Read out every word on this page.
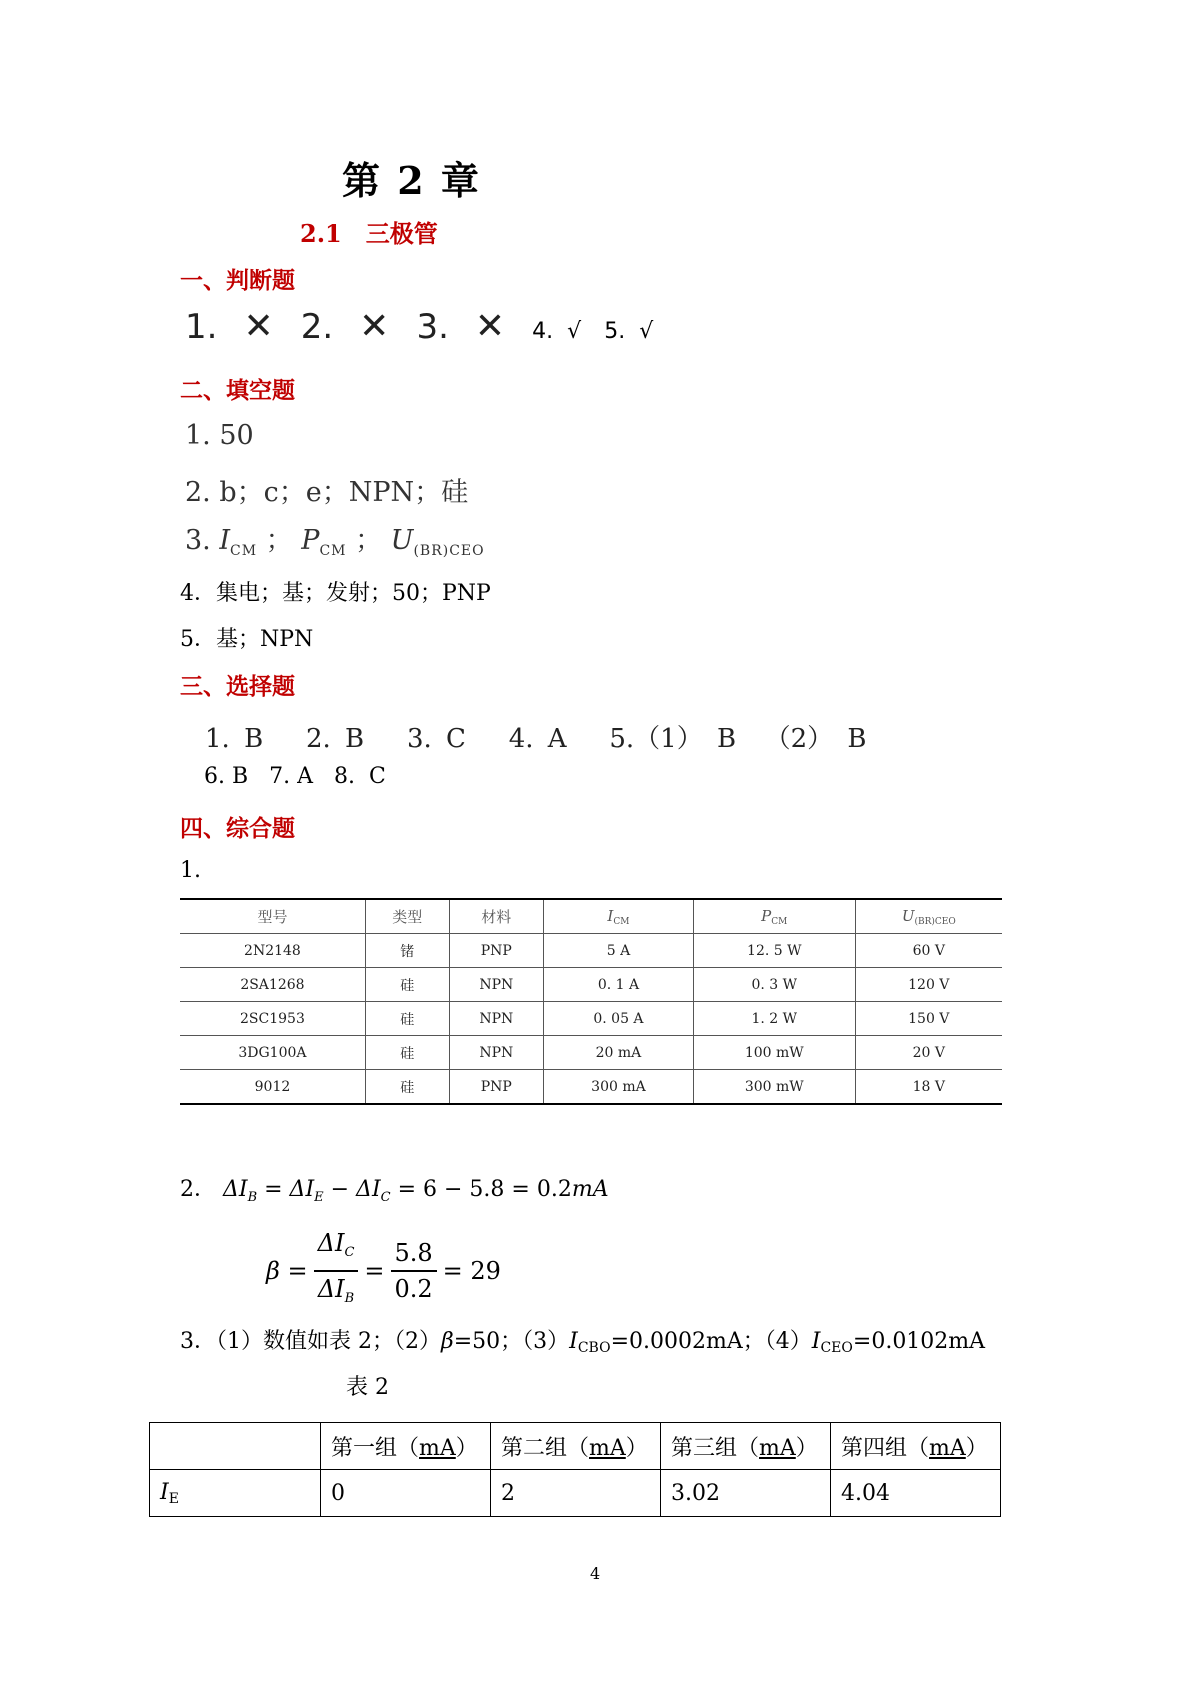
第 2 章
2.1　三极管
一、判断题
1. ✕ 2. ✕ 3. ✕ 4. √ 5. √
二、填空题
1. 50
2. b；c；e；NPN；硅
3. $I_{CM}$ ； $P_{CM}$ ； $U_{(BR)CEO}$
4．集电；基；发射；50；PNP
5．基；NPN
三、选择题
1. B   2. B   3. C   4. A   5.（1） B  （2） B
6. B   7. A   8.  C
四、综合题
1.
型号	类型	材料	$I_{CM}$	$P_{CM}$	$U_{(BR)CEO}$
2N2148	锗	PNP	5 A	12. 5 W	60 V
2SA1268	硅	NPN	0. 1 A	0. 3 W	120 V
2SC1953	硅	NPN	0. 05 A	1. 2 W	150 V
3DG100A	硅	NPN	20 mA	100 mW	20 V
9012	硅	PNP	300 mA	300 mW	18 V
2． $\Delta I_B = \Delta I_E - \Delta I_C = 6 - 5.8 = 0.2mA$
$\beta = \frac{\Delta I_C}{\Delta I_B} = \frac{5.8}{0.2} = 29$
3．（1）数值如表 2；（2）β=50；（3）ICBO=0.0002mA；（4）ICEO=0.0102mA
表 2
	第一组（mA）	第二组（mA）	第三组（mA）	第四组（mA）
IE	0	2	3.02	4.04
4
